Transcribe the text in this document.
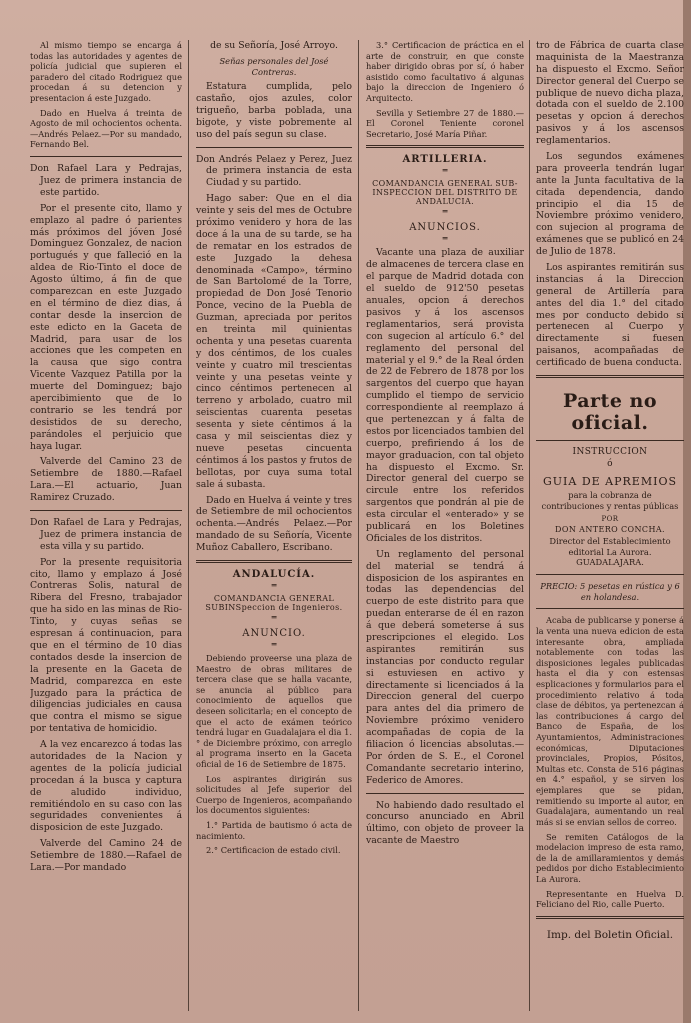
Al mismo tiempo se encarga á todas las autoridades y agentes de policía judicial que supieren el paradero del citado Rodriguez que procedan á su detencion y presentacion á este Juzgado.

Dado en Huelva á treinta de Agosto de mil ochocientos ochenta.—Andrés Pelaez.—Por su mandado, Fernando Bel.

Don Rafael Lara y Pedrajas, Juez de primera instancia de este partido.

Por el presente cito, llamo y emplazo al padre ó parientes más próximos del jóven José Dominguez Gonzalez, de nacion portugués y que falleció en la aldea de Rio-Tinto el doce de Agosto último, á fin de que comparezcan en este Juzgado en el término de diez dias, á contar desde la insercion de este edicto en la Gaceta de Madrid, para usar de los acciones que les competen en la causa que sigo contra Vicente Vazquez Patilla por la muerte del Dominguez; bajo apercibimiento que de lo contrario se les tendrá por desistidos de su derecho, parándoles el perjuicio que haya lugar.

Valverde del Camino 23 de Setiembre de 1880.—Rafael Lara.—El actuario, Juan Ramirez Cruzado.

Don Rafael de Lara y Pedrajas, Juez de primera instancia de esta villa y su partido.

Por la presente requisitoria cito, llamo y emplazo á José Contreras Solis, natural de Ribera del Fresno, trabajador que ha sido en las minas de Rio-Tinto, y cuyas señas se espresan á continuacion, para que en el término de 10 dias contados desde la insercion de la presente en la Gaceta de Madrid, comparezca en este Juzgado para la práctica de diligencias judiciales en causa que contra el mismo se sigue por tentativa de homicidio.

A la vez encarezco á todas las autoridades de la Nacion y agentes de la policía judicial procedan á la busca y captura de aludido individuo, remitiéndolo en su caso con las seguridades convenientes á disposicion de este Juzgado.

Valverde del Camino 24 de Setiembre de 1880.—Rafael de Lara.—Por mandado

de su Señoría, José Arroyo.

Señas personales del José Contreras.

Estatura cumplida, pelo castaño, ojos azules, color trigueño, barba poblada, una bigote, y viste pobremente al uso del país segun su clase.

Don Andrés Pelaez y Perez, Juez de primera instancia de esta Ciudad y su partido.

Hago saber: Que en el dia veinte y seis del mes de Octubre próximo venidero y hora de las doce á la una de su tarde, se ha de rematar en los estrados de este Juzgado la dehesa denominada «Campo», término de San Bartolomé de la Torre, propiedad de Don José Tenorio Ponce, vecino de la Puebla de Guzman, apreciada por peritos en treinta mil quinientas ochenta y una pesetas cuarenta y dos céntimos, de los cuales veinte y cuatro mil trescientas veinte y una pesetas veinte y cinco céntimos pertenecen al terreno y arbolado, cuatro mil seiscientas cuarenta pesetas sesenta y siete céntimos á la casa y mil seiscientas diez y nueve pesetas cincuenta céntimos á los pastos y frutos de bellotas, por cuya suma total sale á subasta.

Dado en Huelva á veinte y tres de Setiembre de mil ochocientos ochenta.—Andrés Pelaez.—Por mandado de su Señoría, Vicente Muñoz Caballero, Escribano.

ANDALUCÍA.
═
COMANDANCIA GENERAL SUBINSpeccion de Ingenieros.
═
ANUNCIO.
═

Debiendo proveerse una plaza de Maestro de obras militares de tercera clase que se halla vacante, se anuncia al público para conocimiento de aquellos que deseen solicitarla; en el concepto de que el acto de exámen teórico tendrá lugar en Guadalajara el dia 1.° de Diciembre próximo, con arreglo al programa inserto en la Gaceta oficial de 16 de Setiembre de 1875.

Los aspirantes dirigirán sus solicitudes al Jefe superior del Cuerpo de Ingenieros, acompañando los documentos siguientes:

1.° Partida de bautismo ó acta de nacimiento.

2.° Certificacion de estado civil.

3.° Certificacion de práctica en el arte de construir, en que conste haber dirigido obras por sí, ó haber asistido como facultativo á algunas bajo la direccion de Ingeniero ó Arquitecto.

Sevilla y Setiembre 27 de 1880.—El Coronel Teniente coronel Secretario, José María Piñar.

ARTILLERIA.
═
COMANDANCIA GENERAL SUB-INSPECCION DEL DISTRITO DE ANDALUCIA.
═
ANUNCIOS.
═

Vacante una plaza de auxiliar de almacenes de tercera clase en el parque de Madrid dotada con el sueldo de 912'50 pesetas anuales, opcion á derechos pasivos y á los ascensos reglamentarios, será provista con sugecion al artículo 6.° del reglamento del personal del material y el 9.° de la Real órden de 22 de Febrero de 1878 por los sargentos del cuerpo que hayan cumplido el tiempo de servicio correspondiente al reemplazo á que pertenezcan y á falta de estos por licenciados tambien del cuerpo, prefiriendo á los de mayor graduacion, con tal objeto ha dispuesto el Excmo. Sr. Director general del cuerpo se circule entre los referidos sargentos que pondrán al pie de esta circular el «enterado» y se publicará en los Boletines Oficiales de los distritos.

Un reglamento del personal del material se tendrá á disposicion de los aspirantes en todas las dependencias del cuerpo de este distrito para que puedan enterarse de él en razon á que deberá someterse á sus prescripciones el elegido. Los aspirantes remitirán sus instancias por conducto regular si estuviesen en activo y directamente si licenciados á la Direccion general del cuerpo para antes del dia primero de Noviembre próximo venidero acompañadas de copia de la filiacion ó licencias absolutas.—Por órden de S. E., el Coronel Comandante secretario interino, Federico de Amores.

No habiendo dado resultado el concurso anunciado en Abril último, con objeto de proveer la vacante de Maestro

tro de Fábrica de cuarta clase maquinista de la Maestranza ha dispuesto el Excmo. Señor Director general del Cuerpo se publique de nuevo dicha plaza, dotada con el sueldo de 2.100 pesetas y opcion á derechos pasivos y á los ascensos reglamentarios.

Los segundos exámenes para proveerla tendrán lugar ante la Junta facultativa de la citada dependencia, dando principio el dia 15 de Noviembre próximo venidero, con sujecion al programa de exámenes que se publicó en 24 de Julio de 1878.

Los aspirantes remitirán sus instancias á la Direccion general de Artillería para antes del dia 1.° del citado mes por conducto debido si pertenecen al Cuerpo y directamente si fuesen paisanos, acompañadas de certificado de buena conducta.

Parte no oficial.
INSTRUCCION
ó
GUIA DE APREMIOS

para la cobranza de contribuciones y rentas públicas

POR
DON ANTERO CONCHA.

Director del Establecimiento editorial La Aurora. GUADALAJARA.

PRECIO: 5 pesetas en rústica y 6 en holandesa.

Acaba de publicarse y ponerse á la venta una nueva edicion de esta interesante obra, ampliada notablemente con todas las disposiciones legales publicadas hasta el dia y con estensas esplicaciones y formularios para el procedimiento relativo á toda clase de débitos, ya pertenezcan á las contribuciones á cargo del Banco de España, de los Ayuntamientos, Administraciones económicas, Diputaciones provinciales, Propios, Pósitos, Multas etc. Consta de 516 páginas en 4.° español, y se sirven los ejemplares que se pidan, remitiendo su importe al autor, en Guadalajara, aumentando un real más si se envian sellos de correo.

Se remiten Catálogos de la modelacion impreso de esta ramo, de la de amillaramientos y demás pedidos por dicho Establecimiento La Aurora.

Representante en Huelva D. Feliciano del Rio, calle Puerto.

Imp. del Boletin Oficial.
